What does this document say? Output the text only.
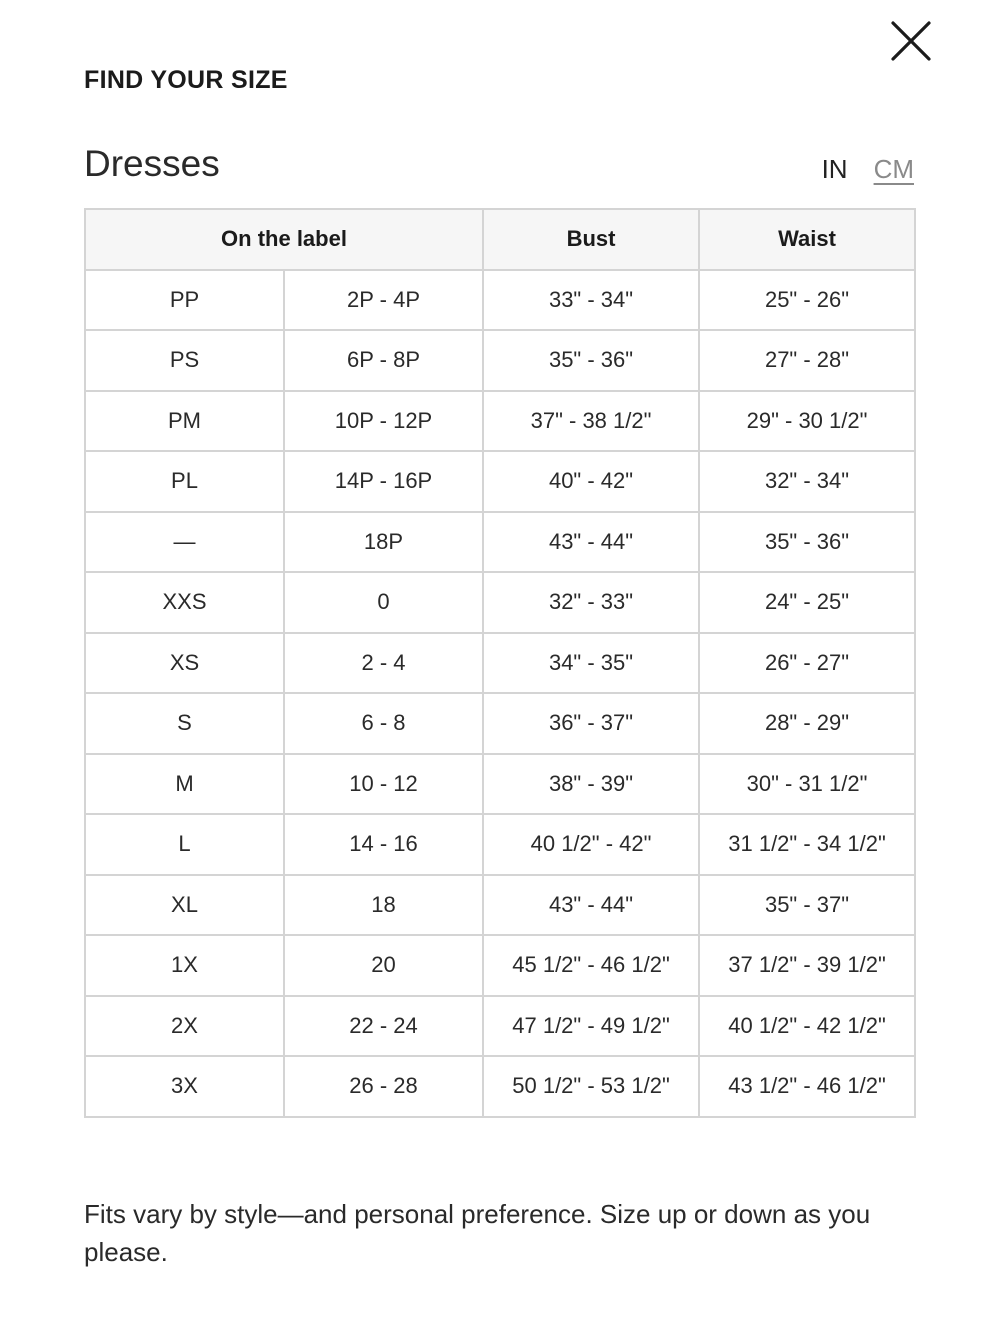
FIND YOUR SIZE
Dresses	IN CM
On the label		Bust	Waist
PP	2P - 4P	33" - 34"	25" - 26"
PS	6P - 8P	35" - 36"	27" - 28"
PM	10P - 12P	37" - 38 1/2"	29" - 30 1/2"
PL	14P - 16P	40" - 42"	32" - 34"
—	18P	43" - 44"	35" - 36"
XXS	0	32" - 33"	24" - 25"
XS	2 - 4	34" - 35"	26" - 27"
S	6 - 8	36" - 37"	28" - 29"
M	10 - 12	38" - 39"	30" - 31 1/2"
L	14 - 16	40 1/2" - 42"	31 1/2" - 34 1/2"
XL	18	43" - 44"	35" - 37"
1X	20	45 1/2" - 46 1/2"	37 1/2" - 39 1/2"
2X	22 - 24	47 1/2" - 49 1/2"	40 1/2" - 42 1/2"
3X	26 - 28	50 1/2" - 53 1/2"	43 1/2" - 46 1/2"
Fits vary by style—and personal preference. Size up or down as you please.
